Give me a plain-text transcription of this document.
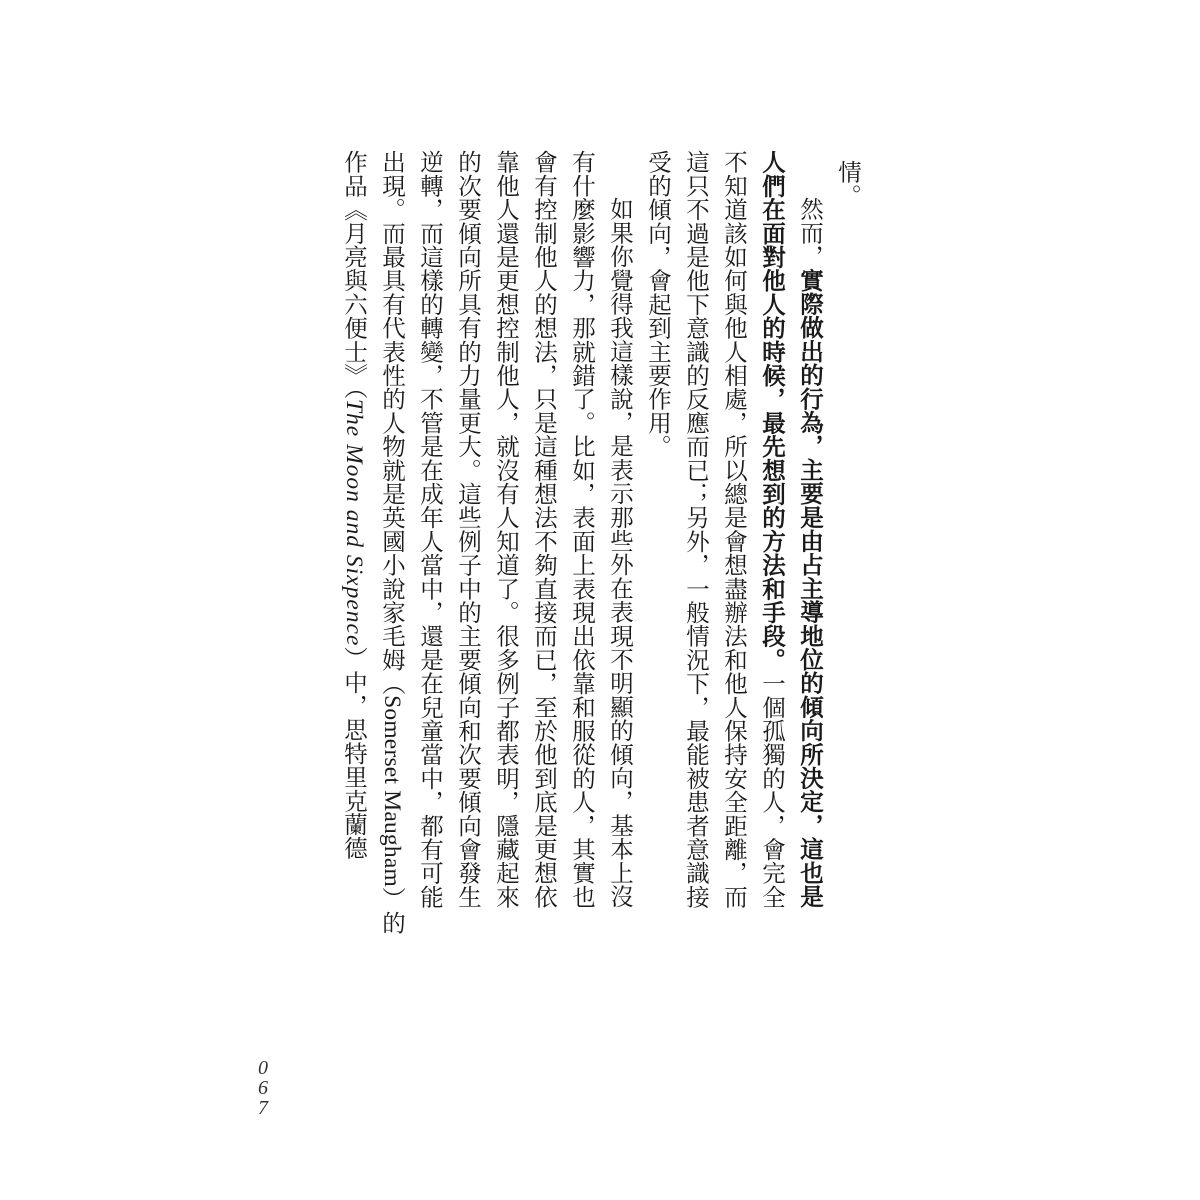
情。
然而，實際做出的行為，主要是由占主導地位的傾向所決定，這也是
人們在面對他人的時候，最先想到的方法和手段。一個孤獨的人，會完全
不知道該如何與他人相處，所以總是會想盡辦法和他人保持安全距離，而
這只不過是他下意識的反應而已；另外，一般情況下，最能被患者意識接
受的傾向，會起到主要作用。
如果你覺得我這樣說，是表示那些外在表現不明顯的傾向，基本上沒
有什麼影響力，那就錯了。比如，表面上表現出依靠和服從的人，其實也
會有控制他人的想法，只是這種想法不夠直接而已，至於他到底是更想依
靠他人還是更想控制他人，就沒有人知道了。很多例子都表明，隱藏起來
的次要傾向所具有的力量更大。這些例子中的主要傾向和次要傾向會發生
逆轉，而這樣的轉變，不管是在成年人當中，還是在兒童當中，都有可能
出現。而最具有代表性的人物就是英國小說家毛姆（Somerset Maugham）的
作品《月亮與六便士》（The Moon and Sixpence）中，思特里克蘭德
0
6
7
